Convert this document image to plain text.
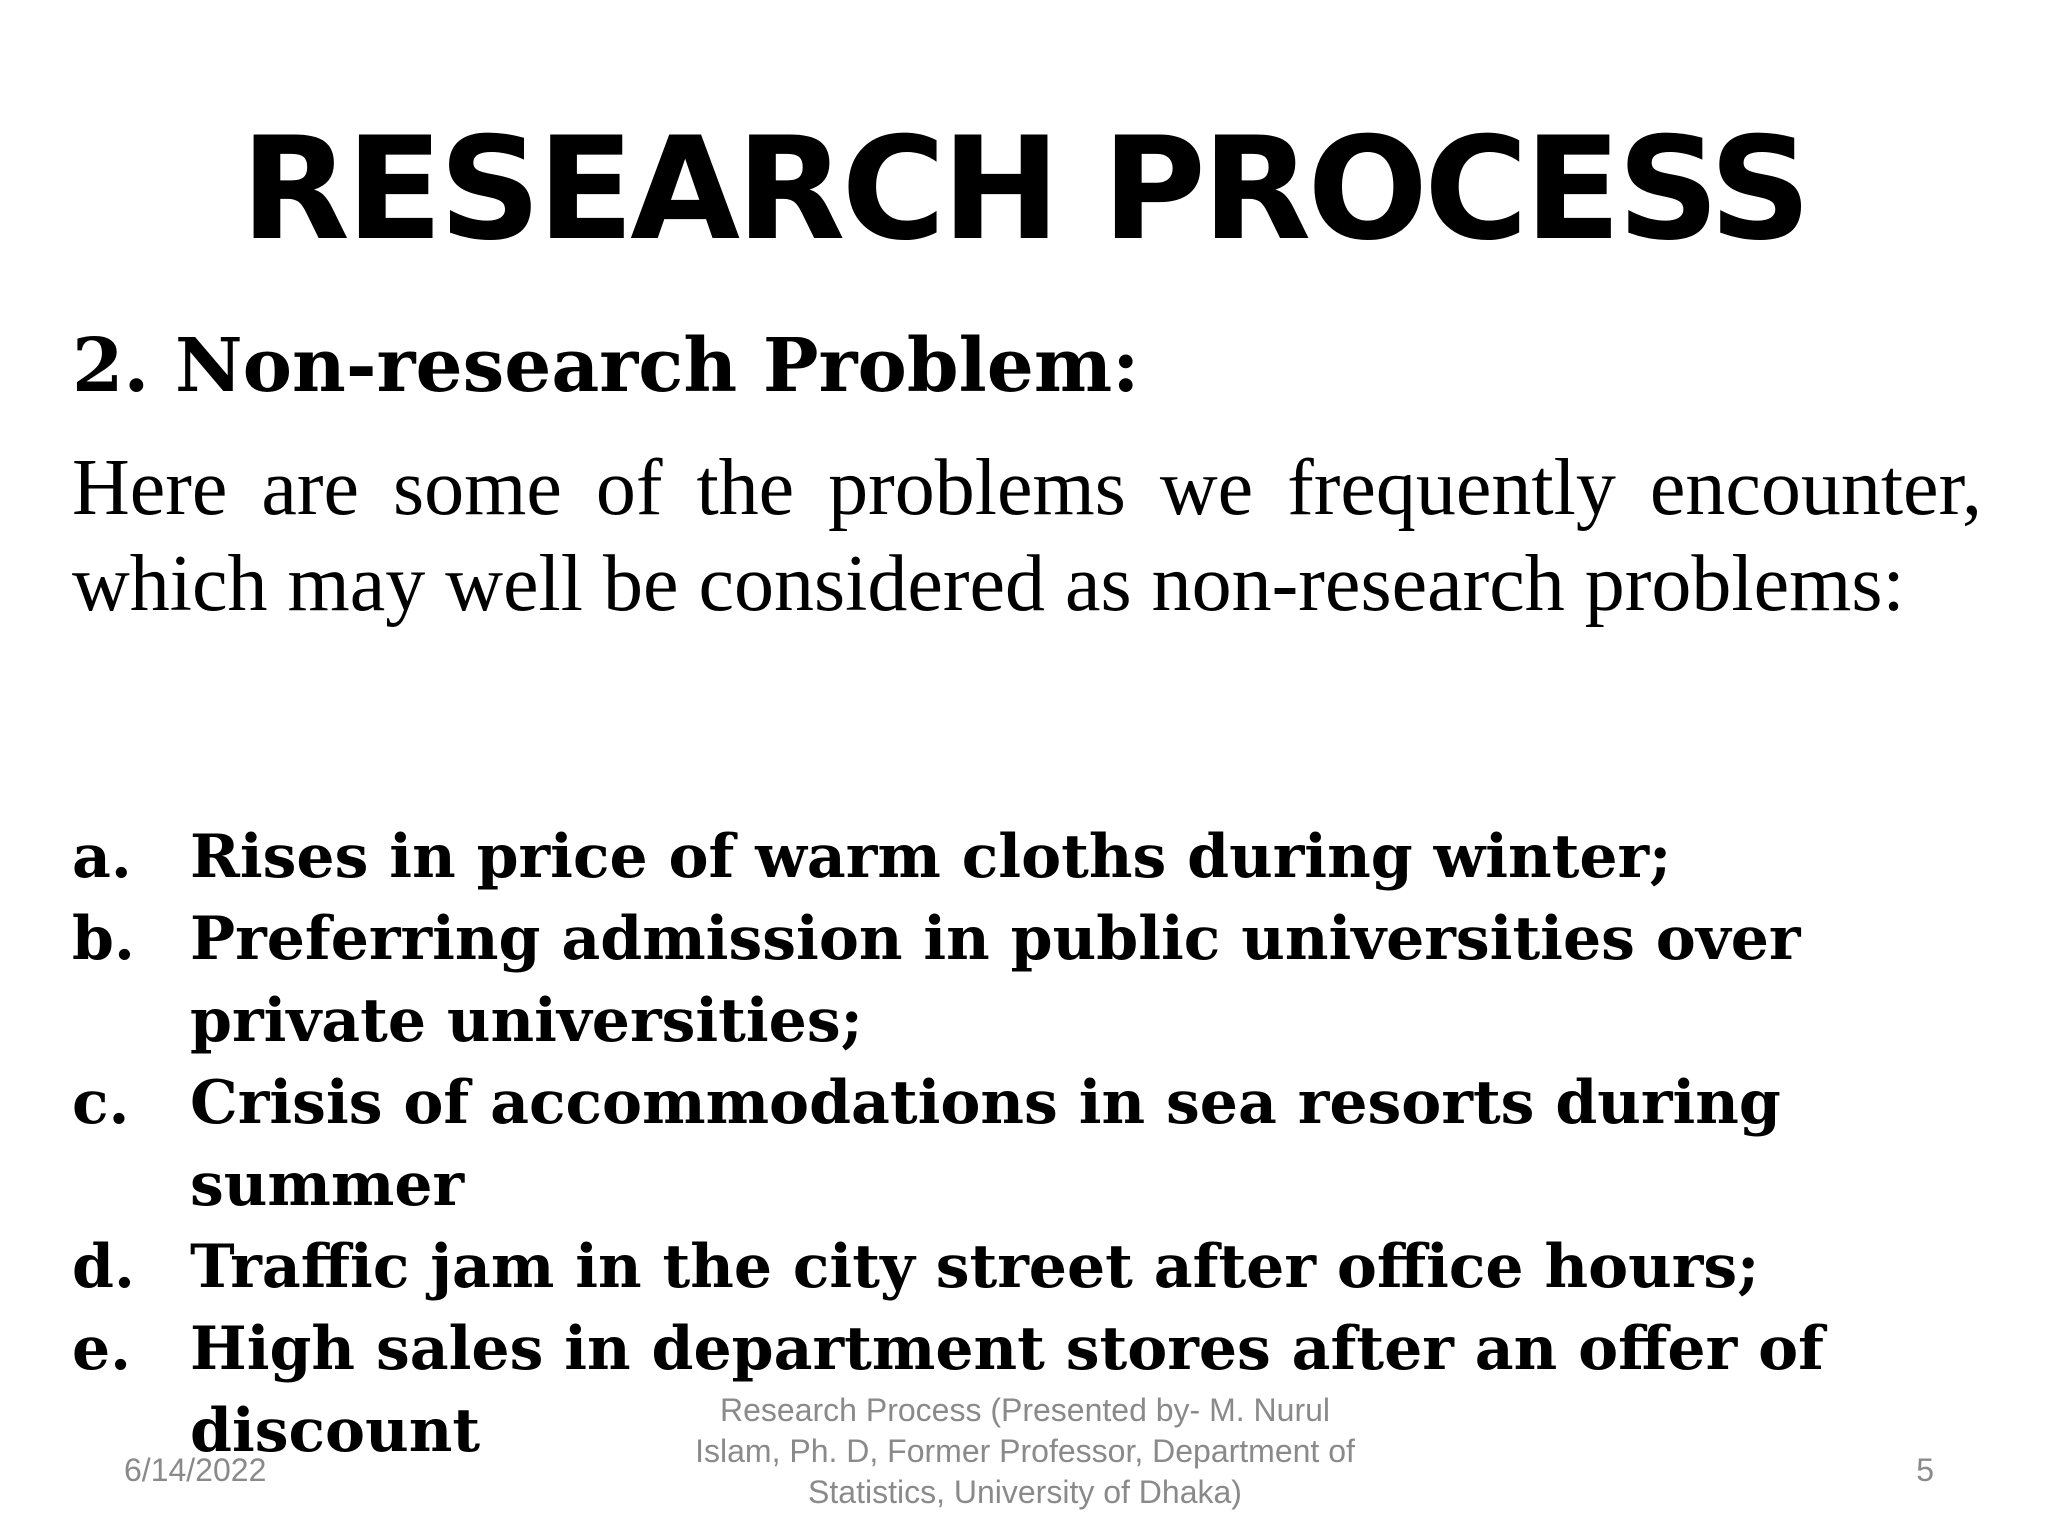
RESEARCH PROCESS
2. Non-research Problem:

Here are some of the problems we frequently encounter, which may well be considered as non-research problems:

a. Rises in price of warm cloths during winter;
b. Preferring admission in public universities over private universities;
c. Crisis of accommodations in sea resorts during summer
d. Traffic jam in the city street after office hours;
e. High sales in department stores after an offer of discount
6/14/2022
Research Process (Presented by- M. Nurul Islam, Ph. D, Former Professor, Department of Statistics, University of Dhaka)
5
